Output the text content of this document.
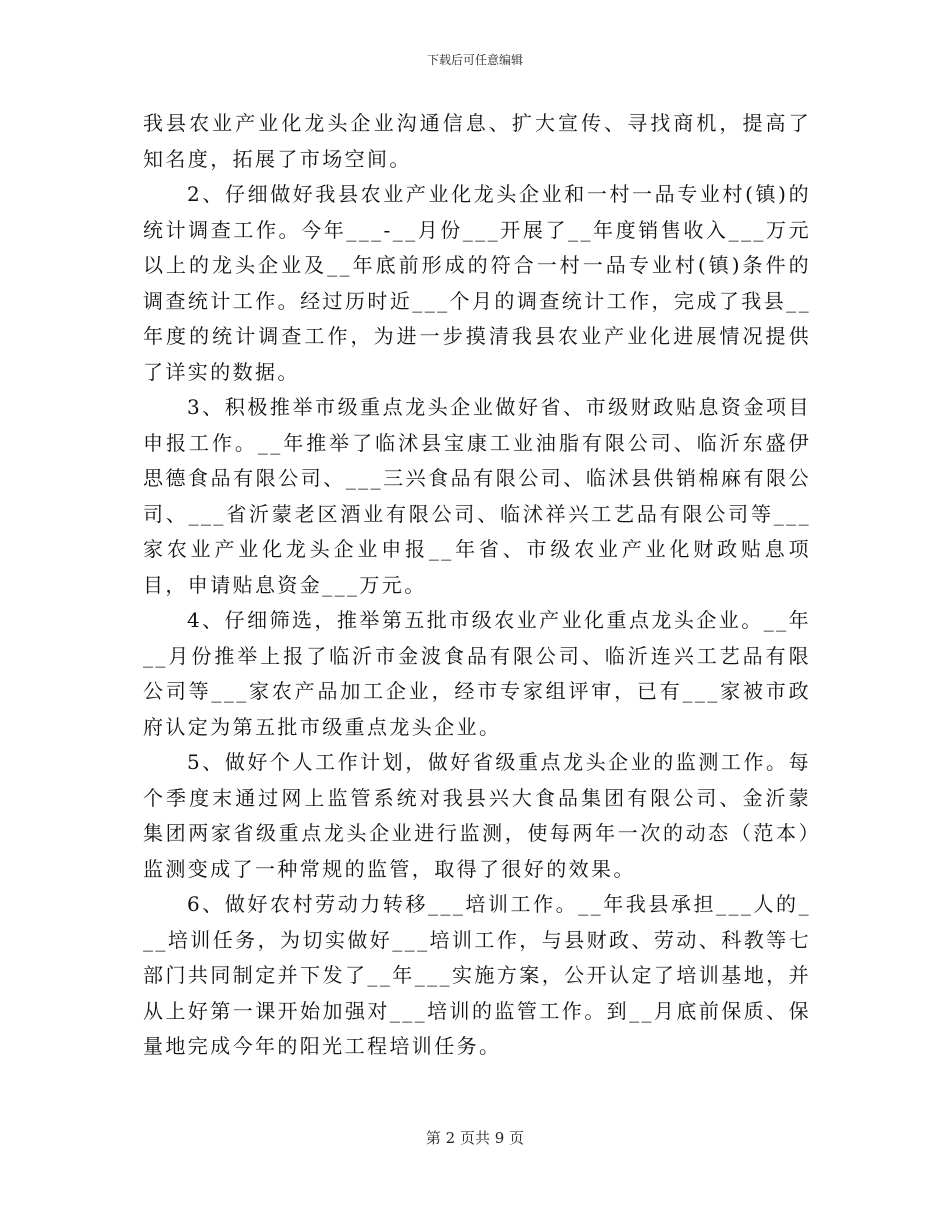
下载后可任意编辑

我县农业产业化龙头企业沟通信息、扩大宣传、寻找商机，提高了知名度，拓展了市场空间。

2、仔细做好我县农业产业化龙头企业和一村一品专业村(镇)的统计调查工作。今年___-__月份___开展了__年度销售收入___万元以上的龙头企业及__年底前形成的符合一村一品专业村(镇)条件的调查统计工作。经过历时近___个月的调查统计工作，完成了我县__年度的统计调查工作，为进一步摸清我县农业产业化进展情况提供了详实的数据。

3、积极推举市级重点龙头企业做好省、市级财政贴息资金项目申报工作。__年推举了临沭县宝康工业油脂有限公司、临沂东盛伊思德食品有限公司、___三兴食品有限公司、临沭县供销棉麻有限公司、___省沂蒙老区酒业有限公司、临沭祥兴工艺品有限公司等___家农业产业化龙头企业申报__年省、市级农业产业化财政贴息项目，申请贴息资金___万元。

4、仔细筛选，推举第五批市级农业产业化重点龙头企业。__年__月份推举上报了临沂市金波食品有限公司、临沂连兴工艺品有限公司等___家农产品加工企业，经市专家组评审，已有___家被市政府认定为第五批市级重点龙头企业。

5、做好个人工作计划，做好省级重点龙头企业的监测工作。每个季度末通过网上监管系统对我县兴大食品集团有限公司、金沂蒙集团两家省级重点龙头企业进行监测，使每两年一次的动态（范本）监测变成了一种常规的监管，取得了很好的效果。

6、做好农村劳动力转移___培训工作。__年我县承担___人的___培训任务，为切实做好___培训工作，与县财政、劳动、科教等七部门共同制定并下发了__年___实施方案，公开认定了培训基地，并从上好第一课开始加强对___培训的监管工作。到__月底前保质、保量地完成今年的阳光工程培训任务。

第 2 页共 9 页
